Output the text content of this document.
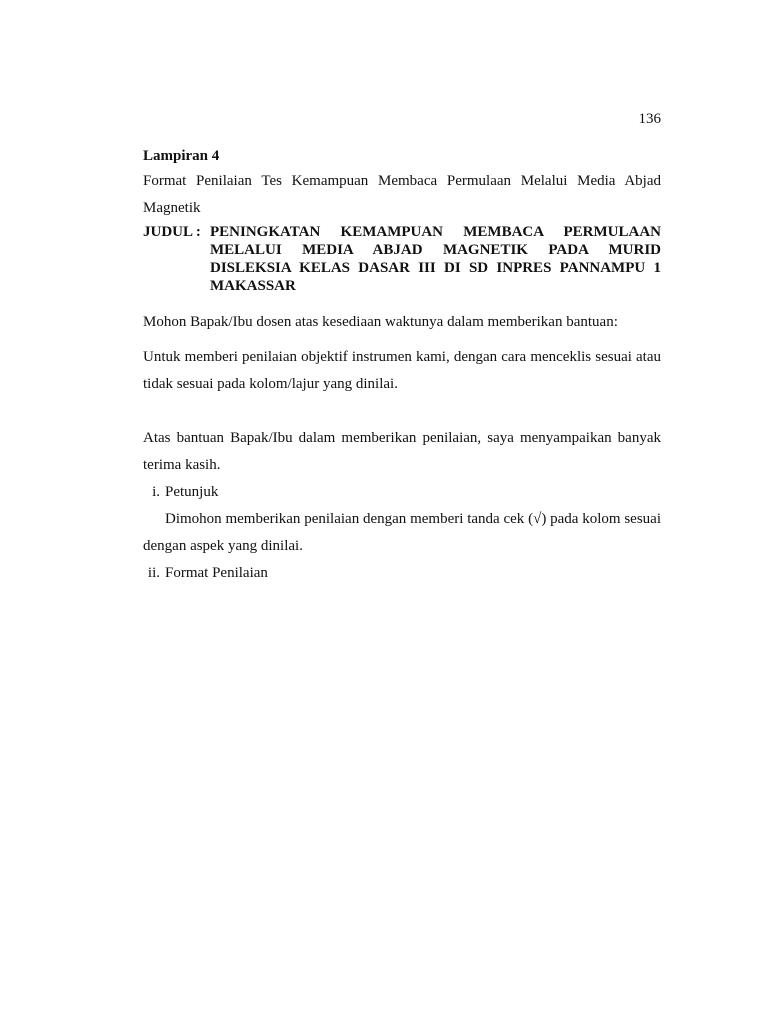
136

Lampiran 4

Format Penilaian Tes Kemampuan Membaca Permulaan Melalui Media Abjad Magnetik

JUDUL : PENINGKATAN KEMAMPUAN MEMBACA PERMULAAN MELALUI MEDIA ABJAD MAGNETIK PADA MURID DISLEKSIA KELAS DASAR III DI SD INPRES PANNAMPU 1 MAKASSAR

Mohon Bapak/Ibu dosen atas kesediaan waktunya dalam memberikan bantuan:

Untuk memberi penilaian objektif instrumen kami, dengan cara menceklis sesuai atau tidak sesuai pada kolom/lajur yang dinilai.

Atas bantuan Bapak/Ibu dalam memberikan penilaian, saya menyampaikan banyak terima kasih.

i. Petunjuk

Dimohon memberikan penilaian dengan memberi tanda cek (√) pada kolom sesuai dengan aspek yang dinilai.

ii. Format Penilaian
